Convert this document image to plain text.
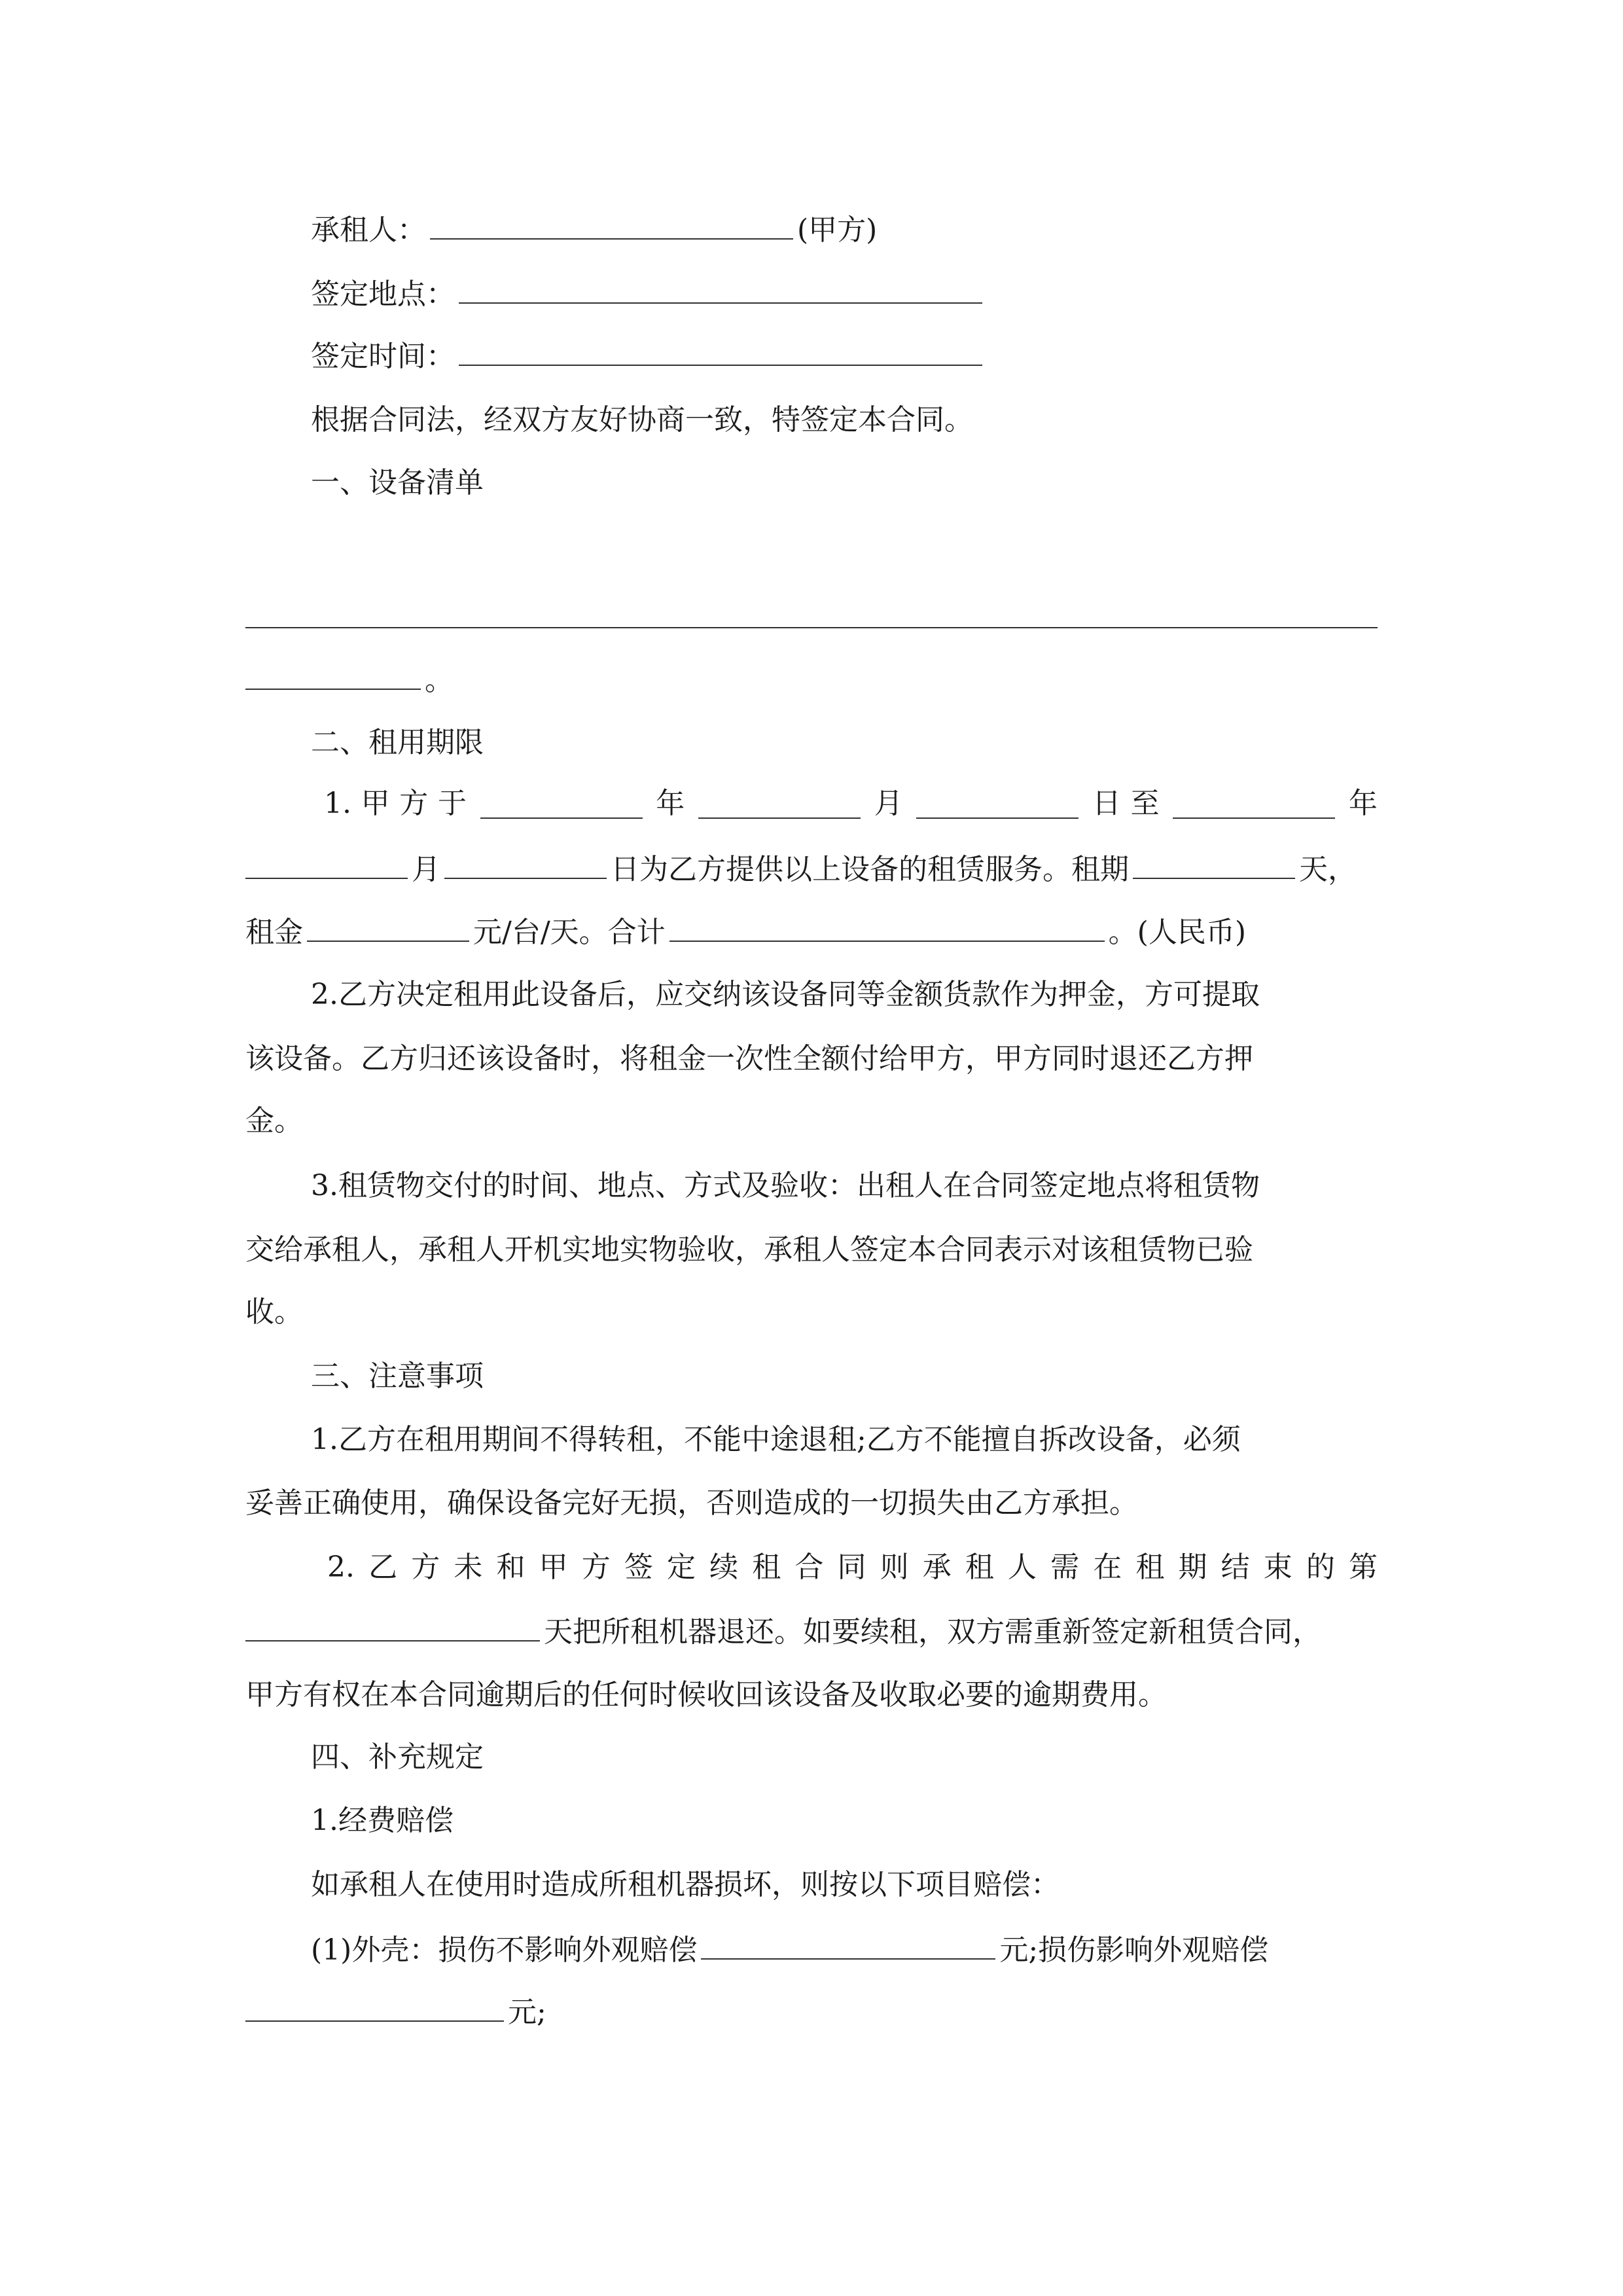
承租人：	(甲方)
签定地点：
签定时间：
根据合同法，经双方友好协商一致，特签定本合同。
一、设备清单
。
二、租用期限
1. 甲 方 于	年	月	日 至	年
月	日为乙方提供以上设备的租赁服务。租期	天，
租金	元/台/天。合计	。(人民币)
2.乙方决定租用此设备后，应交纳该设备同等金额货款作为押金，方可提取
该设备。乙方归还该设备时，将租金一次性全额付给甲方，甲方同时退还乙方押
金。
3.租赁物交付的时间、地点、方式及验收：出租人在合同签定地点将租赁物
交给承租人，承租人开机实地实物验收，承租人签定本合同表示对该租赁物已验
收。
三、注意事项
1.乙方在租用期间不得转租，不能中途退租;乙方不能擅自拆改设备，必须
妥善正确使用，确保设备完好无损，否则造成的一切损失由乙方承担。
2. 乙 方 未 和 甲 方 签 定 续 租 合 同 则 承 租 人 需 在 租 期 结 束 的 第
天把所租机器退还。如要续租，双方需重新签定新租赁合同，
甲方有权在本合同逾期后的任何时候收回该设备及收取必要的逾期费用。
四、补充规定
1.经费赔偿
如承租人在使用时造成所租机器损坏，则按以下项目赔偿：
(1)外壳：损伤不影响外观赔偿	元;损伤影响外观赔偿
元;
